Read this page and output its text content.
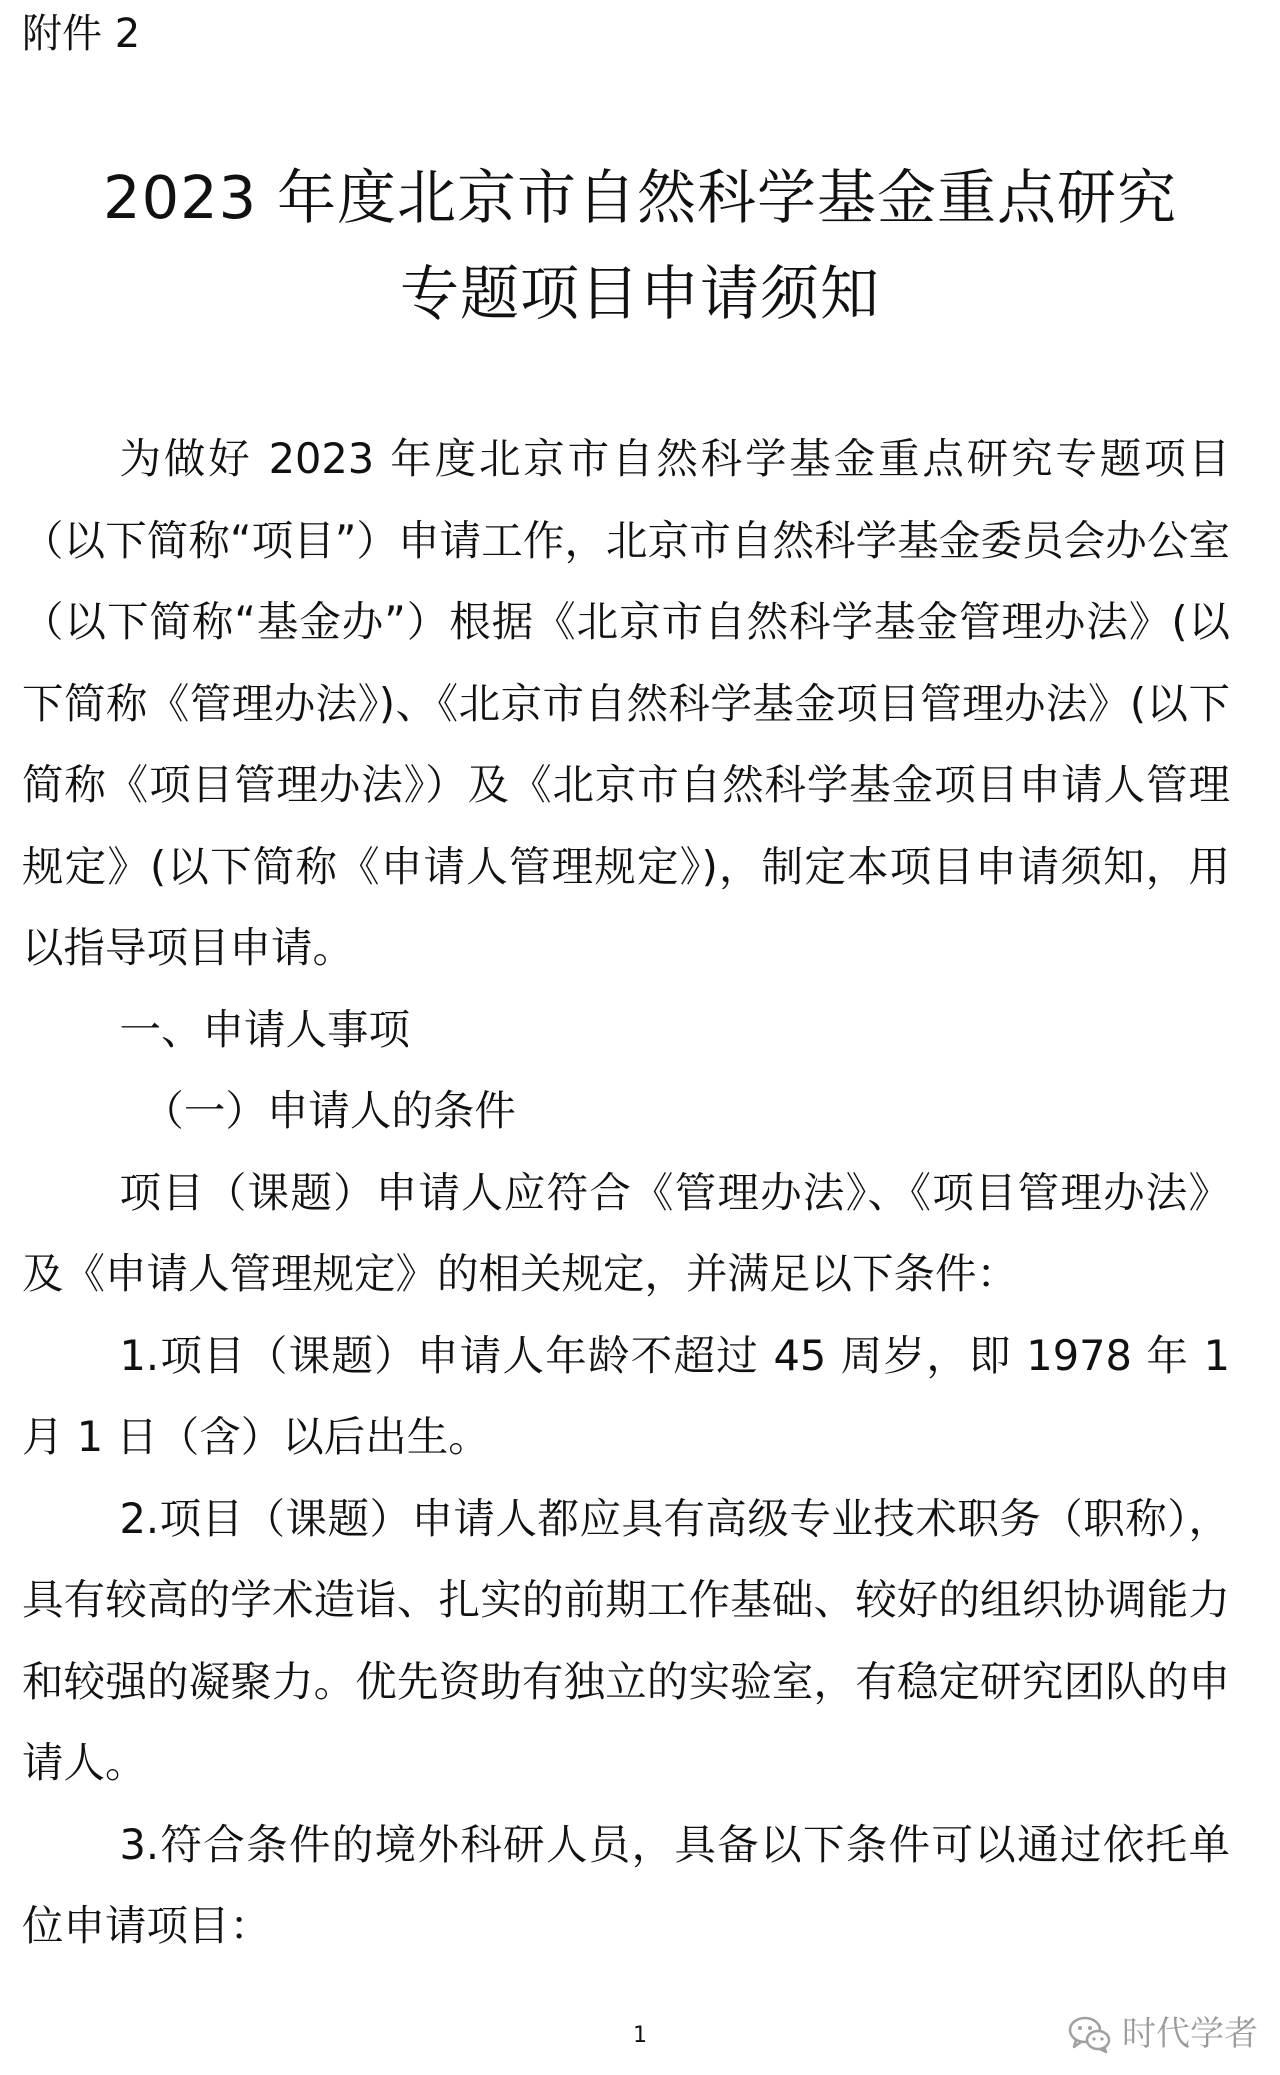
附件 2
2023 年度北京市自然科学基金重点研究
专题项目申请须知

为做好 2023 年度北京市自然科学基金重点研究专题项目（以下简称“项目”）申请工作，北京市自然科学基金委员会办公室（以下简称“基金办”）根据《北京市自然科学基金管理办法》(以下简称《管理办法》)、《北京市自然科学基金项目管理办法》(以下简称《项目管理办法》）及《北京市自然科学基金项目申请人管理规定》(以下简称《申请人管理规定》)，制定本项目申请须知，用以指导项目申请。

一、申请人事项

（一）申请人的条件

项目（课题）申请人应符合《管理办法》、《项目管理办法》及《申请人管理规定》的相关规定，并满足以下条件：

1.项目（课题）申请人年龄不超过 45 周岁，即 1978 年 1 月 1 日（含）以后出生。

2.项目（课题）申请人都应具有高级专业技术职务（职称），具有较高的学术造诣、扎实的前期工作基础、较好的组织协调能力和较强的凝聚力。优先资助有独立的实验室，有稳定研究团队的申请人。

3.符合条件的境外科研人员，具备以下条件可以通过依托单位申请项目：

1	时代学者
